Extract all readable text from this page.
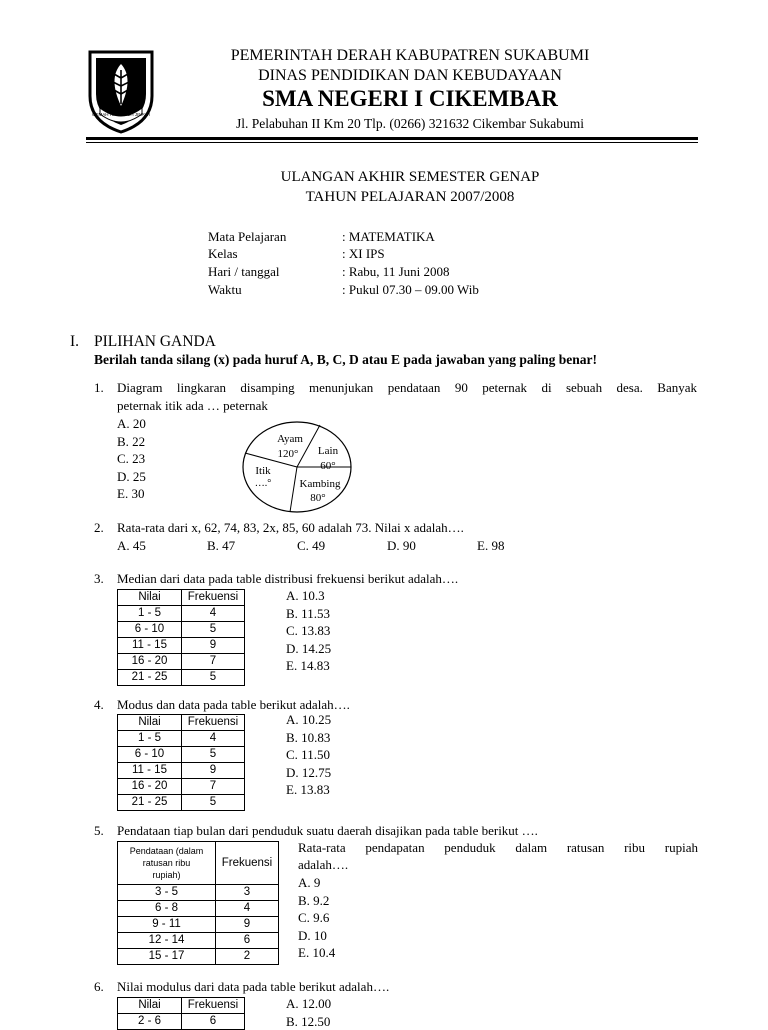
GEMAH RIPAH LOH JINAWI
PEMERINTAH DERAH KABUPATREN SUKABUMI
DINAS PENDIDIKAN DAN KEBUDAYAAN
SMA NEGERI I CIKEMBAR
Jl. Pelabuhan II Km 20 Tlp. (0266) 321632 Cikembar Sukabumi
ULANGAN AKHIR SEMESTER GENAP
TAHUN PELAJARAN 2007/2008
Mata Pelajaran	: MATEMATIKA
Kelas	: XI IPS
Hari / tanggal	: Rabu, 11 Juni 2008
Waktu	: Pukul 07.30 – 09.00 Wib
I. PILIHAN GANDA
Berilah tanda silang (x) pada huruf A, B, C, D atau E pada jawaban yang paling benar!
1. Diagram lingkaran disamping menunjukan pendataan 90 peternak di sebuah desa. Banyak
peternak itik ada … peternak
A. 20
B. 22
C. 23
D. 25
E. 30
Ayam
120° Lain
60°
Itik
….°	Kambing
80°
2. Rata-rata dari x, 62, 74, 83, 2x, 85, 60 adalah 73. Nilai x adalah….
A. 45	B. 47	C. 49	D. 90	E. 98
3. Median dari data pada table distribusi frekuensi berikut adalah….
Nilai	Frekuensi
1 - 5	4
6 - 10	5
11 - 15	9
16 - 20	7
21 - 25	5
A. 10.3
B. 11.53
C. 13.83
D. 14.25
E. 14.83
4. Modus dan data pada table berikut adalah….
Nilai	Frekuensi
1 - 5	4
6 - 10	5
11 - 15	9
16 - 20	7
21 - 25	5
A. 10.25
B. 10.83
C. 11.50
D. 12.75
E. 13.83
5. Pendataan tiap bulan dari penduduk suatu daerah disajikan pada table berikut ….
Pendataan (dalam
ratusan ribu
rupiah)	Frekuensi
3 - 5	3
6 - 8	4
9 - 11	9
12 - 14	6
15 - 17	2
Rata-rata pendapatan penduduk dalam ratusan ribu rupiah
adalah….
A. 9
B. 9.2
C. 9.6
D. 10
E. 10.4
6. Nilai modulus dari data pada table berikut adalah….
Nilai	Frekuensi
2 - 6	6
A. 12.00
B. 12.50
